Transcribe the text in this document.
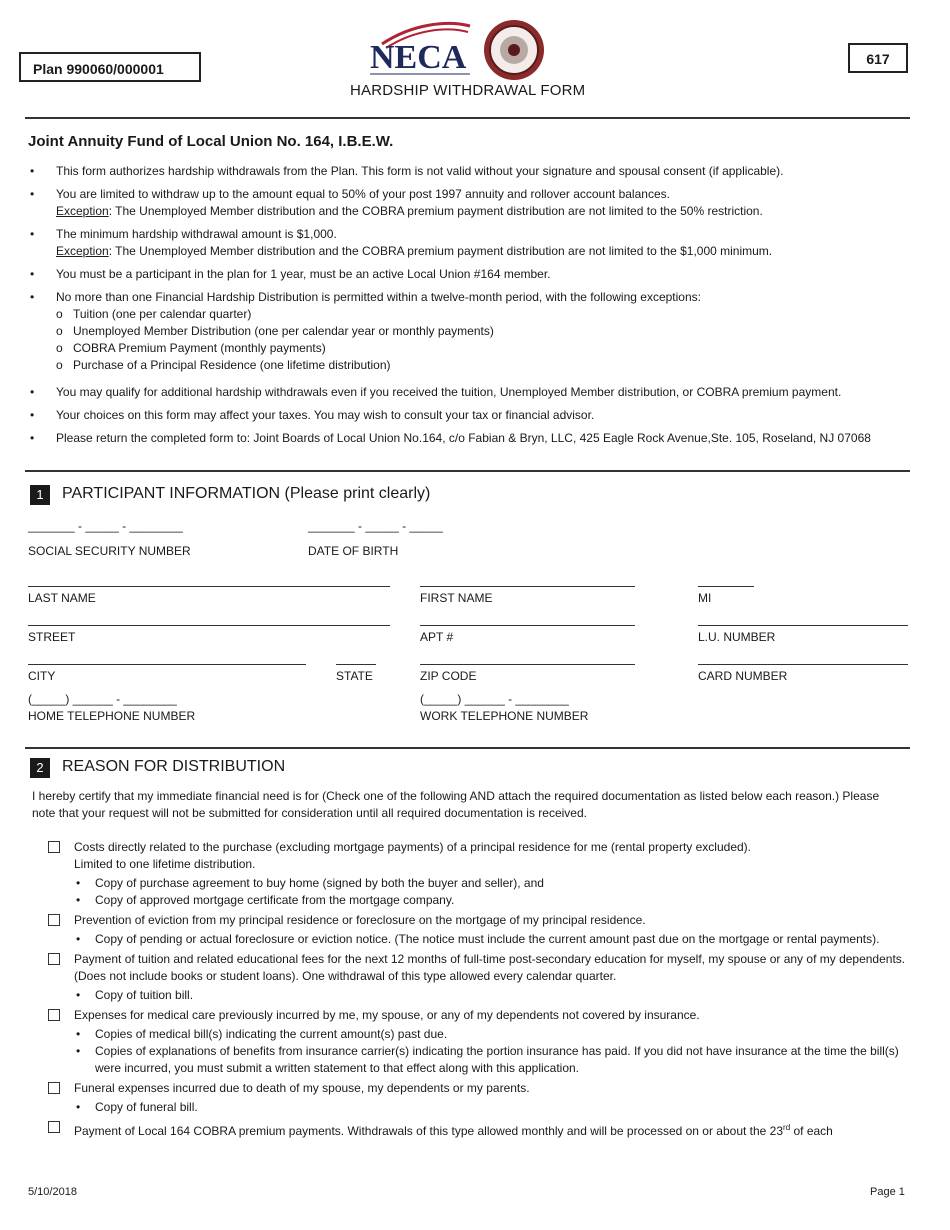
Plan 990060/000001	NECA
HARDSHIP WITHDRAWAL FORM
617
Joint Annuity Fund of Local Union No. 164, I.B.E.W.
• This form authorizes hardship withdrawals from the Plan. This form is not valid without your signature and spousal consent (if applicable).
• You are limited to withdraw up to the amount equal to 50% of your post 1997 annuity and rollover account balances.
Exception: The Unemployed Member distribution and the COBRA premium payment distribution are not limited to the 50% restriction.
• The minimum hardship withdrawal amount is $1,000.
Exception: The Unemployed Member distribution and the COBRA premium payment distribution are not limited to the $1,000 minimum.
• You must be a participant in the plan for 1 year, must be an active Local Union #164 member.
• No more than one Financial Hardship Distribution is permitted within a twelve-month period, with the following exceptions:
o Tuition (one per calendar quarter)
o Unemployed Member Distribution (one per calendar year or monthly payments)
o COBRA Premium Payment (monthly payments)
o Purchase of a Principal Residence (one lifetime distribution)
• You may qualify for additional hardship withdrawals even if you received the tuition, Unemployed Member distribution, or COBRA premium payment.
• Your choices on this form may affect your taxes. You may wish to consult your tax or financial advisor.
• Please return the completed form to: Joint Boards of Local Union No.164, c/o Fabian & Bryn, LLC, 425 Eagle Rock Avenue,Ste. 105, Roseland, NJ 07068
1	PARTICIPANT INFORMATION (Please print clearly)
_______ - _____ - ________	_______ - _____ - _____
SOCIAL SECURITY NUMBER	DATE OF BIRTH
LAST NAME	FIRST NAME	MI
STREET	APT #	L.U. NUMBER
CITY	STATE	ZIP CODE	CARD NUMBER
(_____) ______ - ________	(_____) ______ - ________
HOME TELEPHONE NUMBER	WORK TELEPHONE NUMBER
2	REASON FOR DISTRIBUTION
I hereby certify that my immediate financial need is for (Check one of the following AND attach the required documentation as listed below each reason.) Please note that your request will not be submitted for consideration until all required documentation is received.
Costs directly related to the purchase (excluding mortgage payments) of a principal residence for me (rental property excluded).
Limited to one lifetime distribution.
• Copy of purchase agreement to buy home (signed by both the buyer and seller), and
• Copy of approved mortgage certificate from the mortgage company.
Prevention of eviction from my principal residence or foreclosure on the mortgage of my principal residence.
• Copy of pending or actual foreclosure or eviction notice. (The notice must include the current amount past due on the mortgage or rental payments).
Payment of tuition and related educational fees for the next 12 months of full-time post-secondary education for myself, my spouse or any of my dependents. (Does not include books or student loans). One withdrawal of this type allowed every calendar quarter.
• Copy of tuition bill.
Expenses for medical care previously incurred by me, my spouse, or any of my dependents not covered by insurance.
• Copies of medical bill(s) indicating the current amount(s) past due.
• Copies of explanations of benefits from insurance carrier(s) indicating the portion insurance has paid. If you did not have insurance at the time the bill(s) were incurred, you must submit a written statement to that effect along with this application.
Funeral expenses incurred due to death of my spouse, my dependents or my parents.
• Copy of funeral bill.
Payment of Local 164 COBRA premium payments. Withdrawals of this type allowed monthly and will be processed on or about the 23rd of each
5/10/2018	Page 1
